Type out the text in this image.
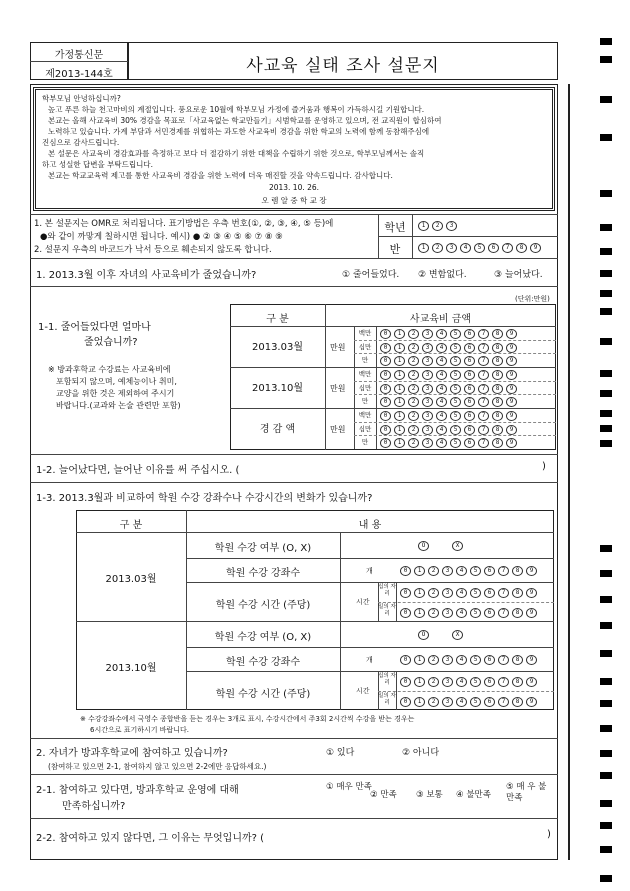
가정통신문
제2013-144호	사교육 실태 조사 설문지
학부모님 안녕하십니까?
높고 푸른 하늘 천고마비의 계절입니다. 풍요로운 10월에 학부모님 가정에 즐거움과 행복이 가득하시길 기원합니다.
본교는 올해 사교육비 30% 경감을 목표로「사교육없는 학교만들기」시범학교를 운영하고 있으며, 전 교직원이 합심하여
노력하고 있습니다. 가계 부담과 서민경제를 위협하는 과도한 사교육비 경감을 위한 학교의 노력에 함께 동참해주심에
진심으로 감사드립니다.
본 설문은 사교육비 경감효과를 측정하고 보다 더 절감하기 위한 대책을 수립하기 위한 것으로, 학부모님께서는 솔직
하고 성실한 답변을 부탁드립니다.
본교는 학교교육력 제고를 통한 사교육비 경감을 위한 노력에 더욱 매진할 것을 약속드립니다. 감사합니다.
2013. 10. 26.
오 렘 알 중 학 교 장
1. 본 설문지는 OMR로 처리됩니다. 표기방법은 우측 번호(①, ②, ③, ④, ⑤ 등)에
●와 같이 까맣게 칠하시면 됩니다. 예시) ● ② ③ ④ ⑤ ⑥ ⑦ ⑧ ⑨
2. 설문지 우측의 바코드가 낙서 등으로 훼손되지 않도록 합니다.
학년	1 2 3
반	1 2 3 4 5 6 7 8 9
1. 2013.3월 이후 자녀의 사교육비가 줄었습니까?	① 줄어들었다. ② 변함없다.	③ 늘어났다.
(단위:만원)
1-1. 줄어들었다면 얼마나
줄었습니까?
※ 방과후학교 수강료는 사교육비에
포함되지 않으며, 예체능이나 취미,
교양을 위한 것은 제외하여 주시기
바랍니다.(교과와 논술 관련만 포함)
구 분	사교육비 금액
2013.03월	만원
백만	0 1 2 3 4 5 6 7 8 9
십만	0 1 2 3 4 5 6 7 8 9
만	0 1 2 3 4 5 6 7 8 9
2013.10월	만원
백만	0 1 2 3 4 5 6 7 8 9
십만	0 1 2 3 4 5 6 7 8 9
만	0 1 2 3 4 5 6 7 8 9
경 감 액	만원
백만	0 1 2 3 4 5 6 7 8 9
십만	0 1 2 3 4 5 6 7 8 9
만	0 1 2 3 4 5 6 7 8 9
1-2. 늘어났다면, 늘어난 이유를 써 주십시오. (	)
1-3. 2013.3월과 비교하여 학원 수강 강좌수나 수강시간의 변화가 있습니까?
구 분	내 용
2013.03월
학원 수강 여부 (O, X)	O	X
학원 수강 강좌수	개	0 1 2 3 4 5 6 7 8 9
학원 수강 시간 (주당)	시간
십의 자리	0 1 2 3 4 5 6 7 8 9
일의 자리	0 1 2 3 4 5 6 7 8 9
2013.10월
학원 수강 여부 (O, X)	O	X
학원 수강 강좌수	개	0 1 2 3 4 5 6 7 8 9
학원 수강 시간 (주당)	시간
십의 자리	0 1 2 3 4 5 6 7 8 9
일의 자리	0 1 2 3 4 5 6 7 8 9
※ 수강강좌수에서 국영수 종합반을 듣는 경우는 3개로 표시, 수강시간에서 주3회 2시간씩 수강을 받는 경우는
6시간으로 표기하시기 바랍니다.
2. 자녀가 방과후학교에 참여하고 있습니까?	① 있다	② 아니다
(참여하고 있으면 2-1, 참여하지 않고 있으면 2-2에만 응답하세요.)
2-1. 참여하고 있다면, 방과후학교 운영에 대해
만족하십니까?
① 매우 만족
② 만족	③ 보통	④ 불만족
⑤ 매 우 불만족
2-2. 참여하고 있지 않다면, 그 이유는 무엇입니까? (	)
